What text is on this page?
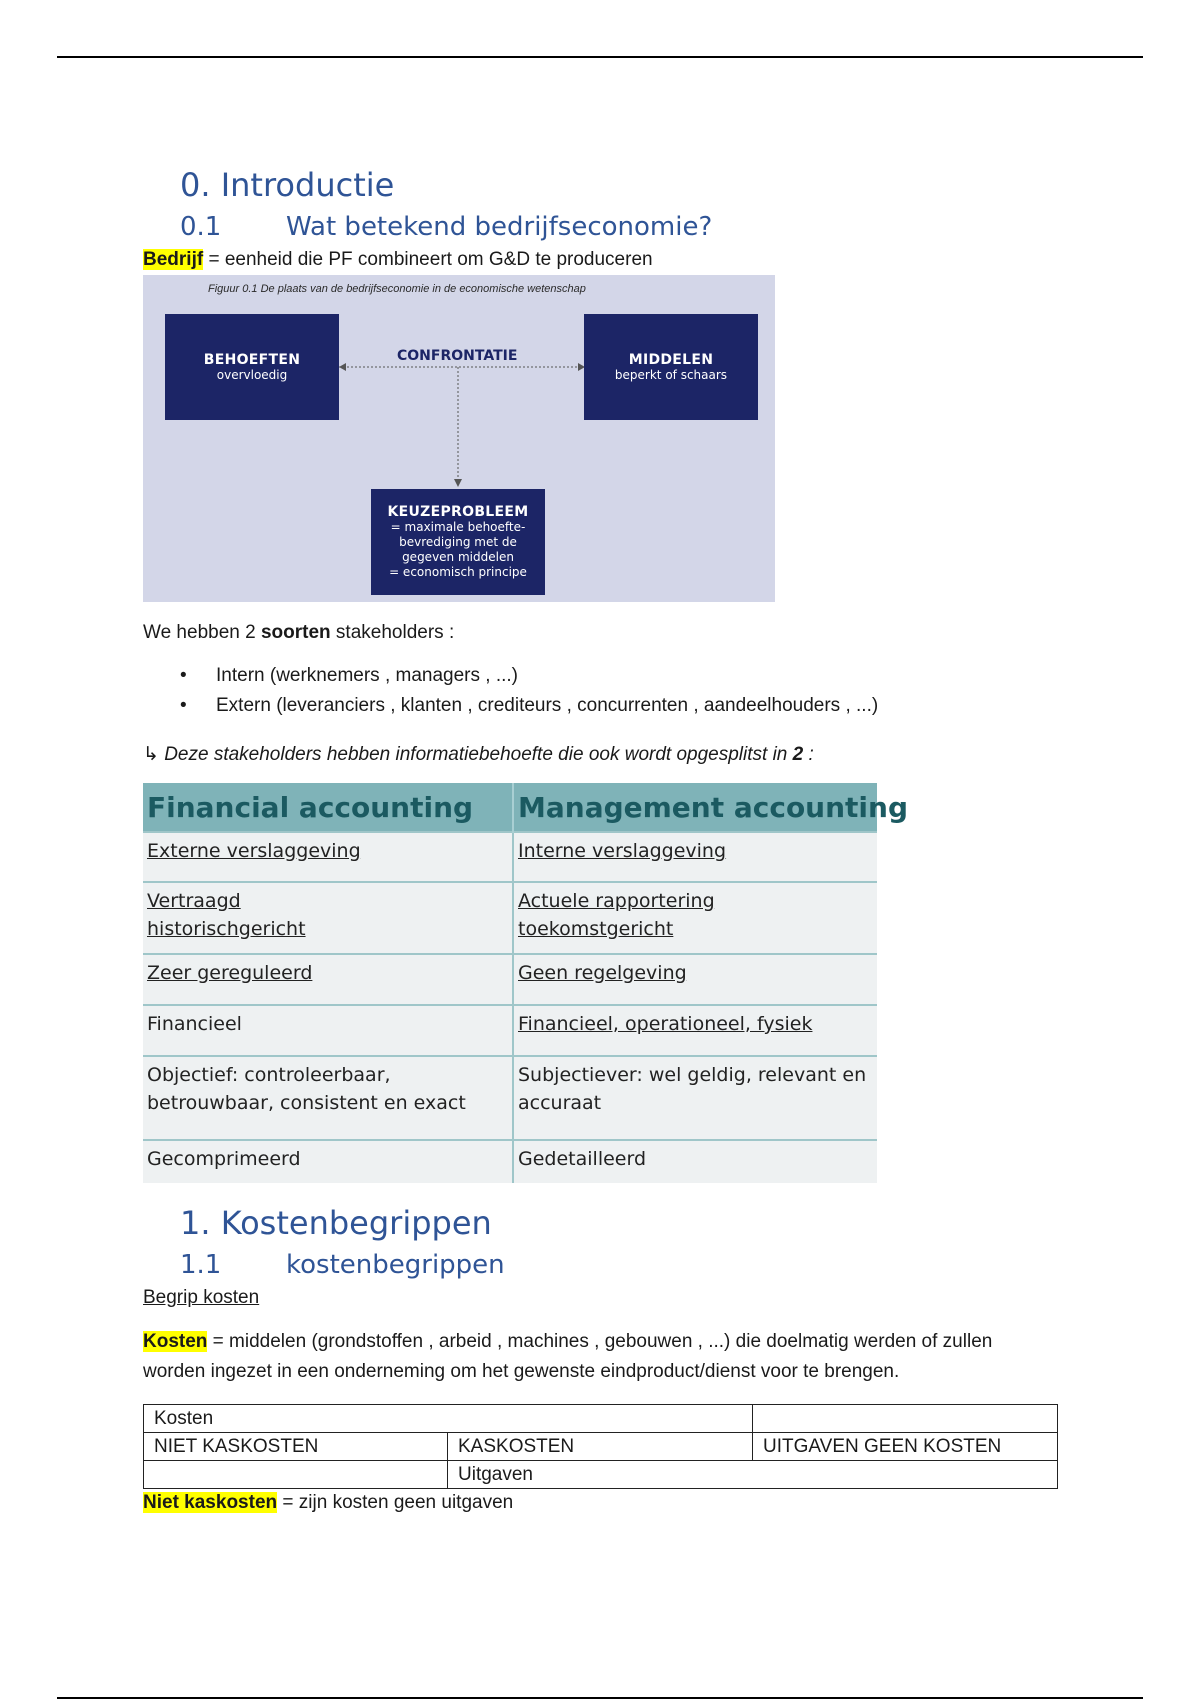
0. Introductie
0.1 Wat betekend bedrijfseconomie?
Bedrijf = eenheid die PF combineert om G&D te produceren
Figuur 0.1 De plaats van de bedrijfseconomie in de economische wetenschap
CONFRONTATIE
BEHOEFTEN
overvloedig
MIDDELEN
beperkt of schaars
KEUZEPROBLEEM
= maximale behoefte-
bevrediging met de
gegeven middelen
= economisch principe
We hebben 2 soorten stakeholders :
• Intern (werknemers , managers , ...)
• Extern (leveranciers , klanten , crediteurs , concurrenten , aandeelhouders , ...)
↳ Deze stakeholders hebben informatiebehoefte die ook wordt opgesplitst in 2 :
Financial accounting	Management accounting
Externe verslaggeving	Interne verslaggeving
Vertraagd
historischgericht	Actuele rapportering
toekomstgericht
Zeer gereguleerd	Geen regelgeving
Financieel	Financieel, operationeel, fysiek
Objectief: controleerbaar,
betrouwbaar, consistent en exact	Subjectiever: wel geldig, relevant en
accuraat
Gecomprimeerd	Gedetailleerd
1. Kostenbegrippen
1.1 kostenbegrippen
Begrip kosten
Kosten = middelen (grondstoffen , arbeid , machines , gebouwen , ...) die doelmatig werden of zullen
worden ingezet in een onderneming om het gewenste eindproduct/dienst voor te brengen.
Kosten		
NIET KASKOSTEN	KASKOSTEN	UITGAVEN GEEN KOSTEN
	Uitgaven	
Niet kaskosten = zijn kosten geen uitgaven
